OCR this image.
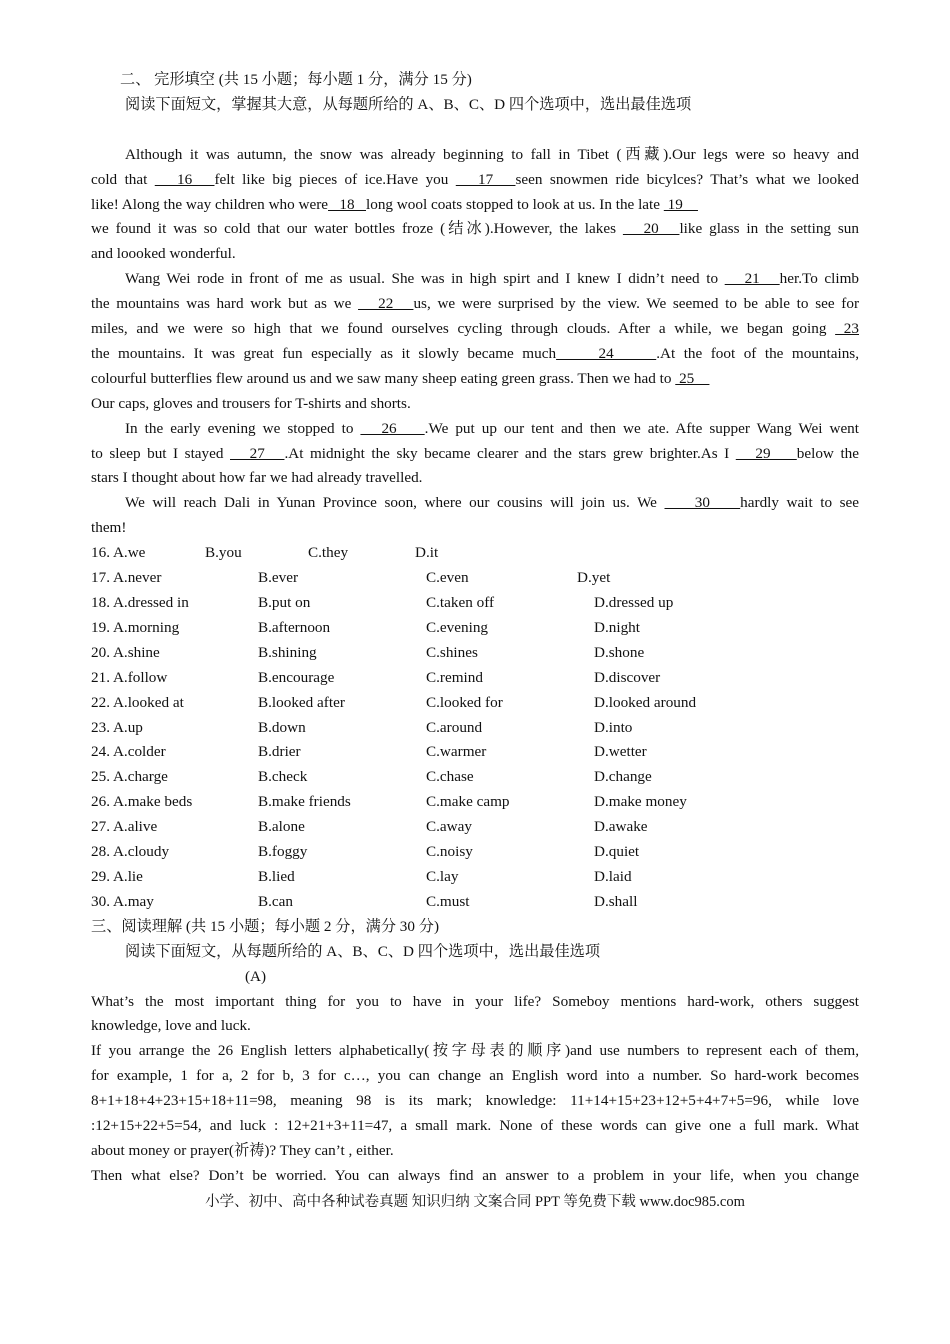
二、 完形填空 (共 15 小题；每小题 1 分，满分 15 分)
阅读下面短文，掌握其大意，从每题所给的 A、B、C、D 四个选项中，选出最佳选项
Although it was autumn, the snow was already beginning to fall in Tibet (西藏).Our legs were so heavy and
cold that    16   felt like big pieces of ice.Have you    17   seen snowmen ride bicylces? That’s what we looked
like! Along the way children who were   18   long wool coats stopped to look at us. In the late  19
we found it was so cold that our water bottles froze (结冰).However, the lakes    20   like glass in the setting sun
and loooked wonderful.
Wang Wei rode in front of me as usual. She was in high spirt and I knew I didn’t need to    21   her.To climb
the mountains was hard work but as we    22   us, we were surprised by the view. We seemed to be able to see for
miles, and we were so high that we found ourselves cycling through clouds. After a while, we began going  23
the mountains. It was great fun especially as it slowly became much     24     .At the foot of the mountains,
colourful butterflies flew around us and we saw many sheep eating green grass. Then we had to  25
Our caps, gloves and trousers for T-shirts and shorts.
In the early evening we stopped to    26    .We put up our tent and then we ate. Afte supper Wang Wei went
to sleep but I stayed    27   .At midnight the sky became clearer and the stars grew brighter.As I    29    below the
stars I thought about how far we had already travelled.
We will reach Dali in Yunan Province soon, where our cousins will join us. We     30    hardly wait to see
them!
16. A.we	B.you	C.they	D.it
17. A.never	B.ever	C.even	D.yet
18. A.dressed in	B.put on	C.taken off	D.dressed up
19. A.morning	B.afternoon	C.evening	D.night
20. A.shine	B.shining	C.shines	D.shone
21. A.follow	B.encourage	C.remind	D.discover
22. A.looked at	B.looked after	C.looked for	D.looked around
23. A.up	B.down	C.around	D.into
24. A.colder	B.drier	C.warmer	D.wetter
25. A.charge	B.check	C.chase	D.change
26. A.make beds	B.make friends	C.make camp	D.make money
27. A.alive	B.alone	C.away	D.awake
28. A.cloudy	B.foggy	C.noisy	D.quiet
29. A.lie	B.lied	C.lay	D.laid
30. A.may	B.can	C.must	D.shall
三、阅读理解 (共 15 小题；每小题 2 分，满分 30 分)
阅读下面短文，从每题所给的 A、B、C、D 四个选项中，选出最佳选项
(A)
What’s the most important thing for you to have in your life? Someboy mentions hard-work, others suggest
knowledge, love and luck.
If you arrange the 26 English letters alphabetically(按字母表的顺序)and use numbers to represent each of them,
for example, 1 for a, 2 for b, 3 for c…, you can change an English word into a number. So hard-work becomes
8+1+18+4+23+15+18+11=98, meaning 98 is its mark; knowledge: 11+14+15+23+12+5+4+7+5=96, while love
:12+15+22+5=54, and luck : 12+21+3+11=47, a small mark. None of these words can give one a full mark. What
about money or prayer(祈祷)? They can’t , either.
Then what else? Don’t be worried. You can always find an answer to a problem in your life, when you change
小学、初中、高中各种试卷真题 知识归纳 文案合同 PPT 等免费下载 www.doc985.com
